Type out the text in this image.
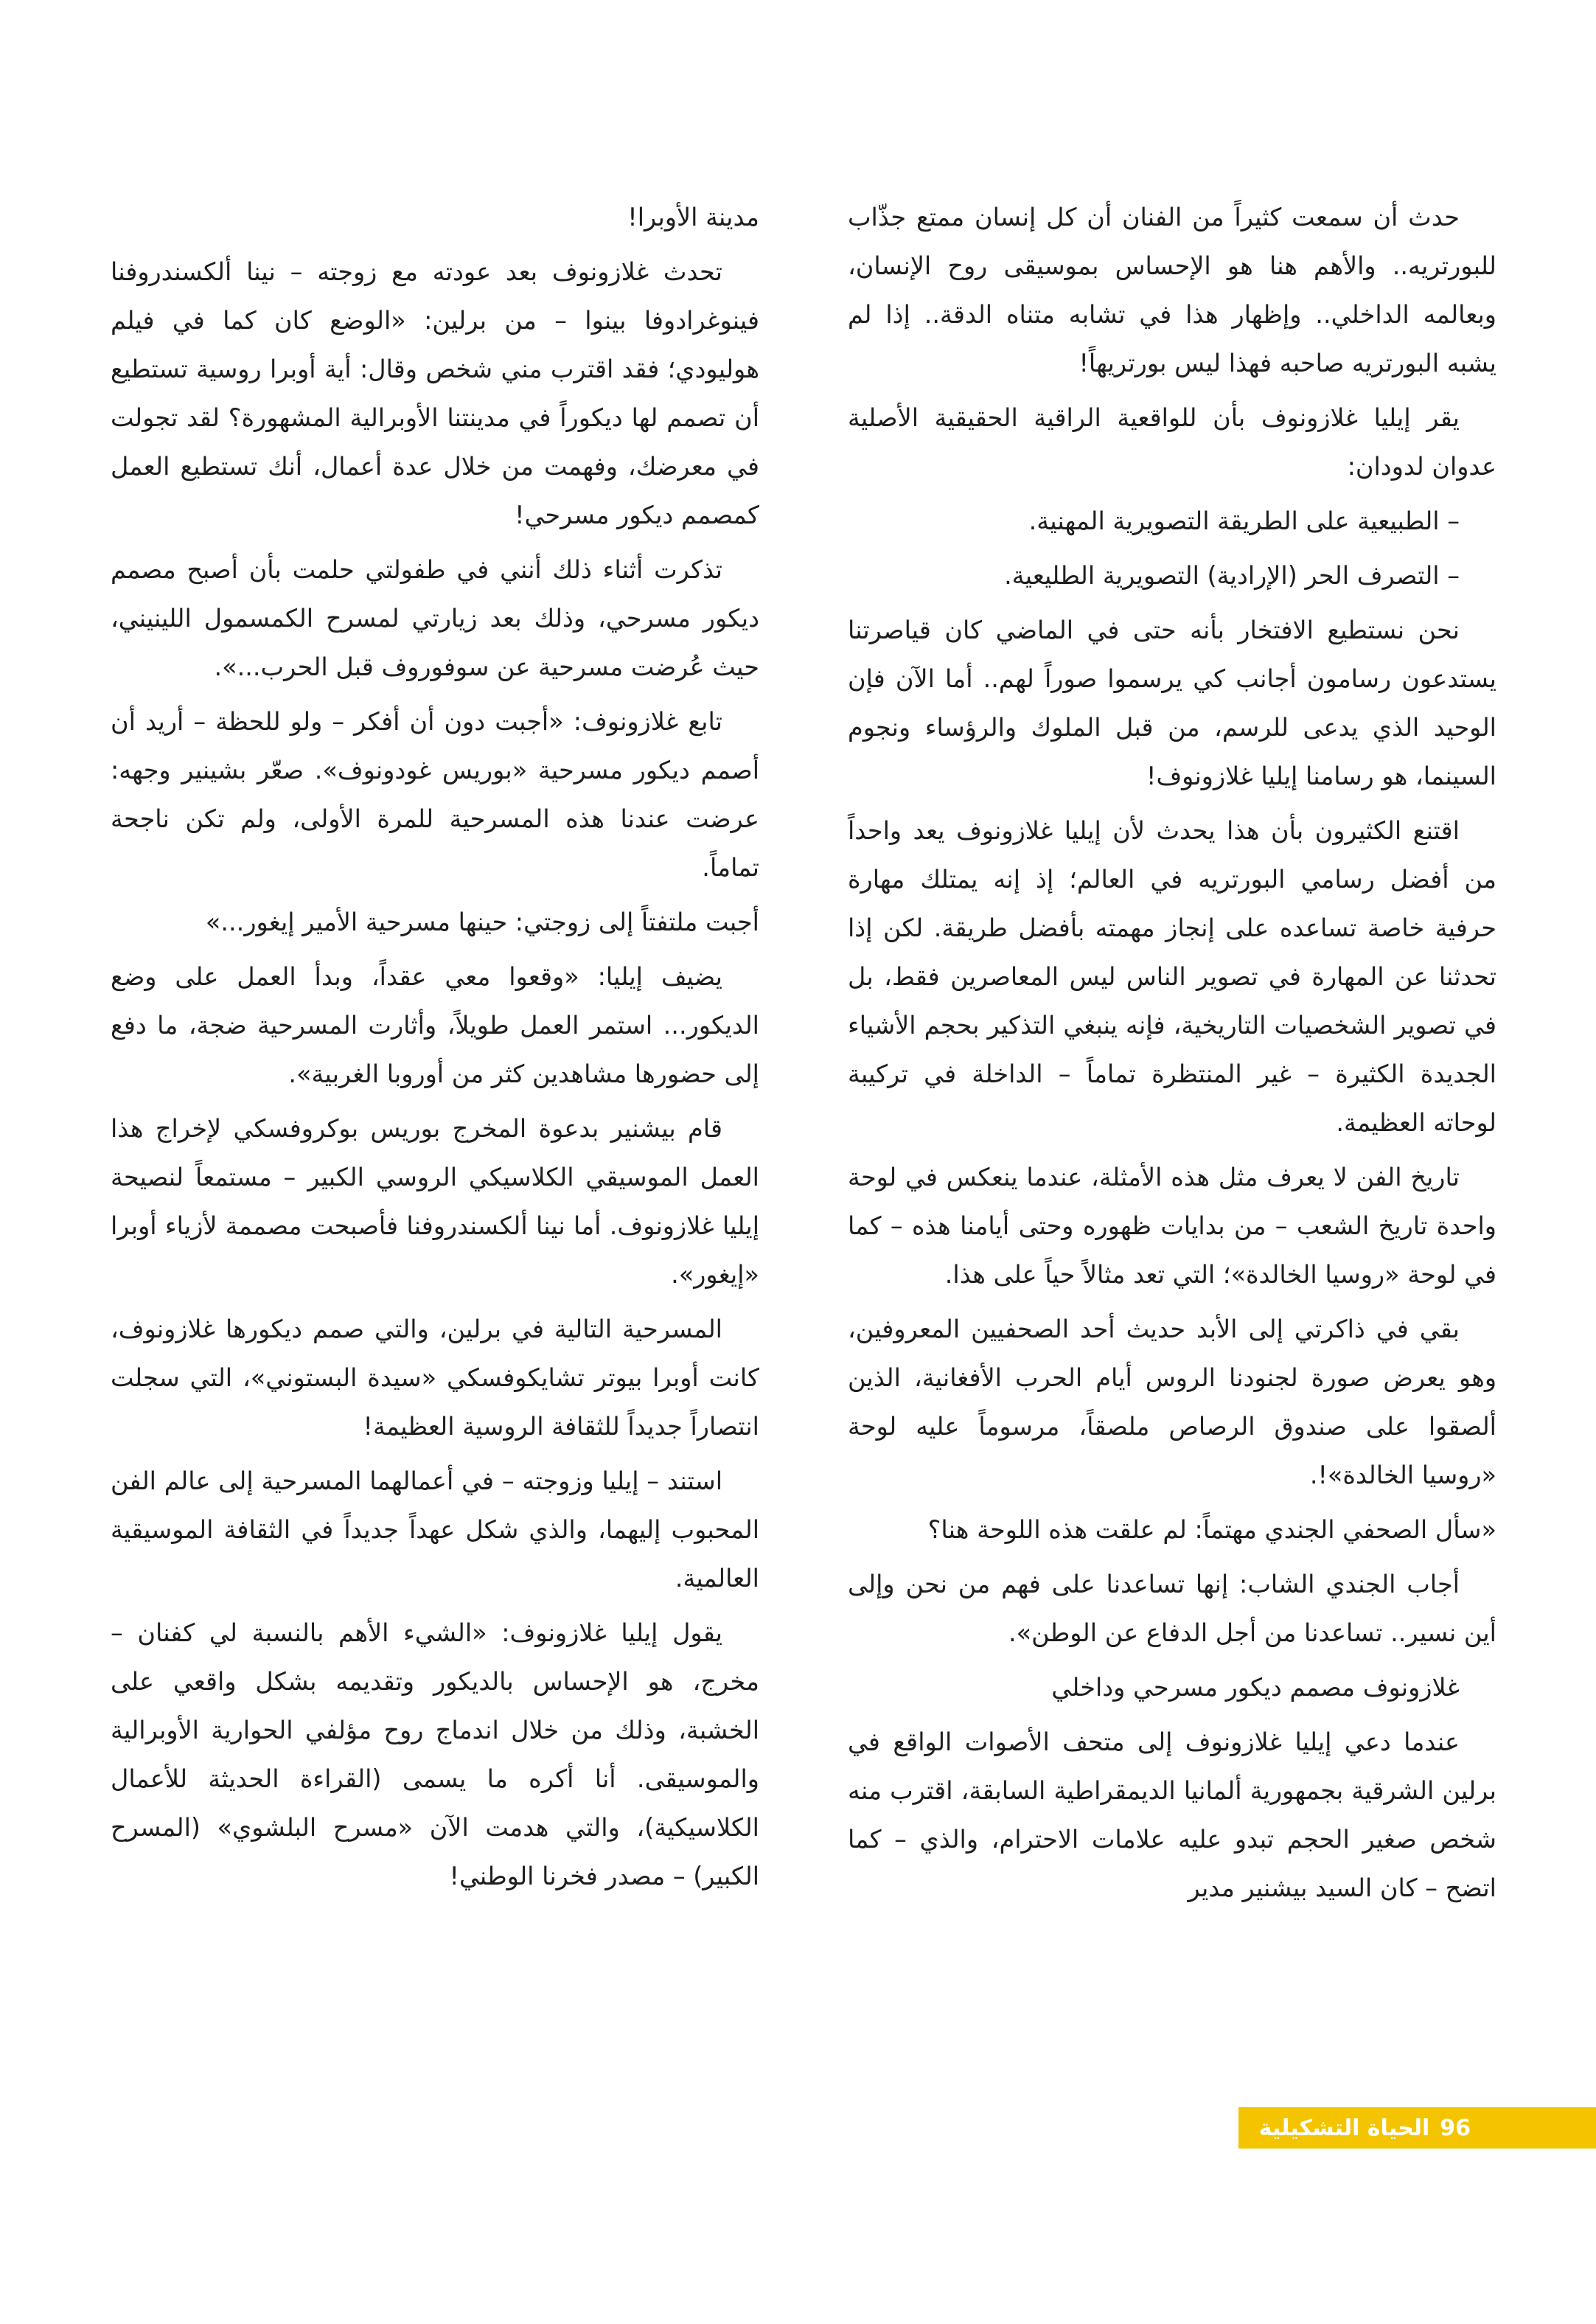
حدث أن سمعت كثيراً من الفنان أن كل إنسان ممتع جذّاب للبورتريه.. والأهم هنا هو الإحساس بموسيقى روح الإنسان، وبعالمه الداخلي.. وإظهار هذا في تشابه متناه الدقة.. إذا لم يشبه البورتريه صاحبه فهذا ليس بورتريهاً!

يقر إيليا غلازونوف بأن للواقعية الراقية الحقيقية الأصلية عدوان لدودان:

– الطبيعية على الطريقة التصويرية المهنية.

– التصرف الحر (الإرادية) التصويرية الطليعية.

نحن نستطيع الافتخار بأنه حتى في الماضي كان قياصرتنا يستدعون رسامون أجانب كي يرسموا صوراً لهم.. أما الآن فإن الوحيد الذي يدعى للرسم، من قبل الملوك والرؤساء ونجوم السينما، هو رسامنا إيليا غلازونوف!

اقتنع الكثيرون بأن هذا يحدث لأن إيليا غلازونوف يعد واحداً من أفضل رسامي البورتريه في العالم؛ إذ إنه يمتلك مهارة حرفية خاصة تساعده على إنجاز مهمته بأفضل طريقة. لكن إذا تحدثنا عن المهارة في تصوير الناس ليس المعاصرين فقط، بل في تصوير الشخصيات التاريخية، فإنه ينبغي التذكير بحجم الأشياء الجديدة الكثيرة – غير المنتظرة تماماً – الداخلة في تركيبة لوحاته العظيمة.

تاريخ الفن لا يعرف مثل هذه الأمثلة، عندما ينعكس في لوحة واحدة تاريخ الشعب – من بدايات ظهوره وحتى أيامنا هذه – كما في لوحة «روسيا الخالدة»؛ التي تعد مثالاً حياً على هذا.

بقي في ذاكرتي إلى الأبد حديث أحد الصحفيين المعروفين، وهو يعرض صورة لجنودنا الروس أيام الحرب الأفغانية، الذين ألصقوا على صندوق الرصاص ملصقاً، مرسوماً عليه لوحة «روسيا الخالدة»!.

«سأل الصحفي الجندي مهتماً: لم علقت هذه اللوحة هنا؟

أجاب الجندي الشاب: إنها تساعدنا على فهم من نحن وإلى أين نسير.. تساعدنا من أجل الدفاع عن الوطن».

غلازونوف مصمم ديكور مسرحي وداخلي

عندما دعي إيليا غلازونوف إلى متحف الأصوات الواقع في برلين الشرقية بجمهورية ألمانيا الديمقراطية السابقة، اقترب منه شخص صغير الحجم تبدو عليه علامات الاحترام، والذي – كما اتضح – كان السيد بيشنير مدير

مدينة الأوبرا!

تحدث غلازونوف بعد عودته مع زوجته – نينا ألكسندروفنا فينوغرادوفا بينوا – من برلين: «الوضع كان كما في فيلم هوليودي؛ فقد اقترب مني شخص وقال: أية أوبرا روسية تستطيع أن تصمم لها ديكوراً في مدينتنا الأوبرالية المشهورة؟ لقد تجولت في معرضك، وفهمت من خلال عدة أعمال، أنك تستطيع العمل كمصمم ديكور مسرحي!

تذكرت أثناء ذلك أنني في طفولتي حلمت بأن أصبح مصمم ديكور مسرحي، وذلك بعد زيارتي لمسرح الكمسمول اللينيني، حيث عُرضت مسرحية عن سوفوروف قبل الحرب...».

تابع غلازونوف: «أجبت دون أن أفكر – ولو للحظة – أريد أن أصمم ديكور مسرحية «بوريس غودونوف». صعّر بشينير وجهه: عرضت عندنا هذه المسرحية للمرة الأولى، ولم تكن ناجحة تماماً.

أجبت ملتفتاً إلى زوجتي: حينها مسرحية الأمير إيغور...»

يضيف إيليا: «وقعوا معي عقداً، وبدأ العمل على وضع الديكور... استمر العمل طويلاً، وأثارت المسرحية ضجة، ما دفع إلى حضورها مشاهدين كثر من أوروبا الغربية».

قام بيشنير بدعوة المخرج بوريس بوكروفسكي لإخراج هذا العمل الموسيقي الكلاسيكي الروسي الكبير – مستمعاً لنصيحة إيليا غلازونوف. أما نينا ألكسندروفنا فأصبحت مصممة لأزياء أوبرا «إيغور».

المسرحية التالية في برلين، والتي صمم ديكورها غلازونوف، كانت أوبرا بيوتر تشايكوفسكي «سيدة البستوني»، التي سجلت انتصاراً جديداً للثقافة الروسية العظيمة!

استند – إيليا وزوجته – في أعمالهما المسرحية إلى عالم الفن المحبوب إليهما، والذي شكل عهداً جديداً في الثقافة الموسيقية العالمية.

يقول إيليا غلازونوف: «الشيء الأهم بالنسبة لي كفنان – مخرج، هو الإحساس بالديكور وتقديمه بشكل واقعي على الخشبة، وذلك من خلال اندماج روح مؤلفي الحوارية الأوبرالية والموسيقى. أنا أكره ما يسمى (القراءة الحديثة للأعمال الكلاسيكية)، والتي هدمت الآن «مسرح البلشوي» (المسرح الكبير) – مصدر فخرنا الوطني!

96
الحياة التشكيلية
